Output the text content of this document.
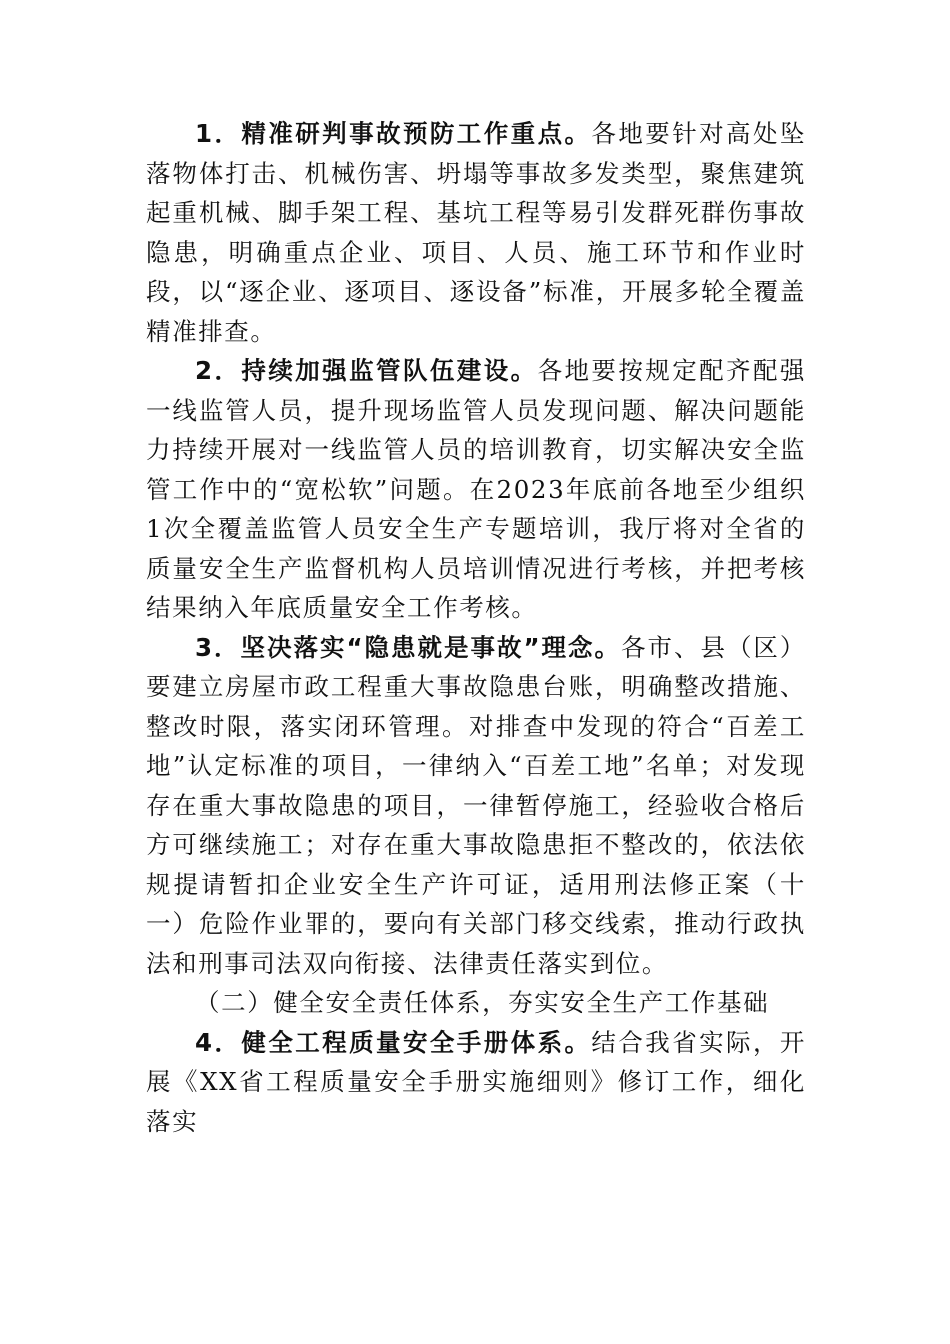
1．精准研判事故预防工作重点。各地要针对高处坠落物体打击、机械伤害、坍塌等事故多发类型，聚焦建筑起重机械、脚手架工程、基坑工程等易引发群死群伤事故隐患，明确重点企业、项目、人员、施工环节和作业时段，以“逐企业、逐项目、逐设备”标准，开展多轮全覆盖精准排查。

2．持续加强监管队伍建设。各地要按规定配齐配强一线监管人员，提升现场监管人员发现问题、解决问题能力持续开展对一线监管人员的培训教育，切实解决安全监管工作中的“宽松软”问题。在2023年底前各地至少组织1次全覆盖监管人员安全生产专题培训，我厅将对全省的质量安全生产监督机构人员培训情况进行考核，并把考核结果纳入年底质量安全工作考核。

3．坚决落实“隐患就是事故”理念。各市、县（区）要建立房屋市政工程重大事故隐患台账，明确整改措施、整改时限，落实闭环管理。对排查中发现的符合“百差工地”认定标准的项目，一律纳入“百差工地”名单；对发现存在重大事故隐患的项目，一律暂停施工，经验收合格后方可继续施工；对存在重大事故隐患拒不整改的，依法依规提请暂扣企业安全生产许可证，适用刑法修正案（十一）危险作业罪的，要向有关部门移交线索，推动行政执法和刑事司法双向衔接、法律责任落实到位。

（二）健全安全责任体系，夯实安全生产工作基础

4．健全工程质量安全手册体系。结合我省实际，开展《XX省工程质量安全手册实施细则》修订工作，细化落实
